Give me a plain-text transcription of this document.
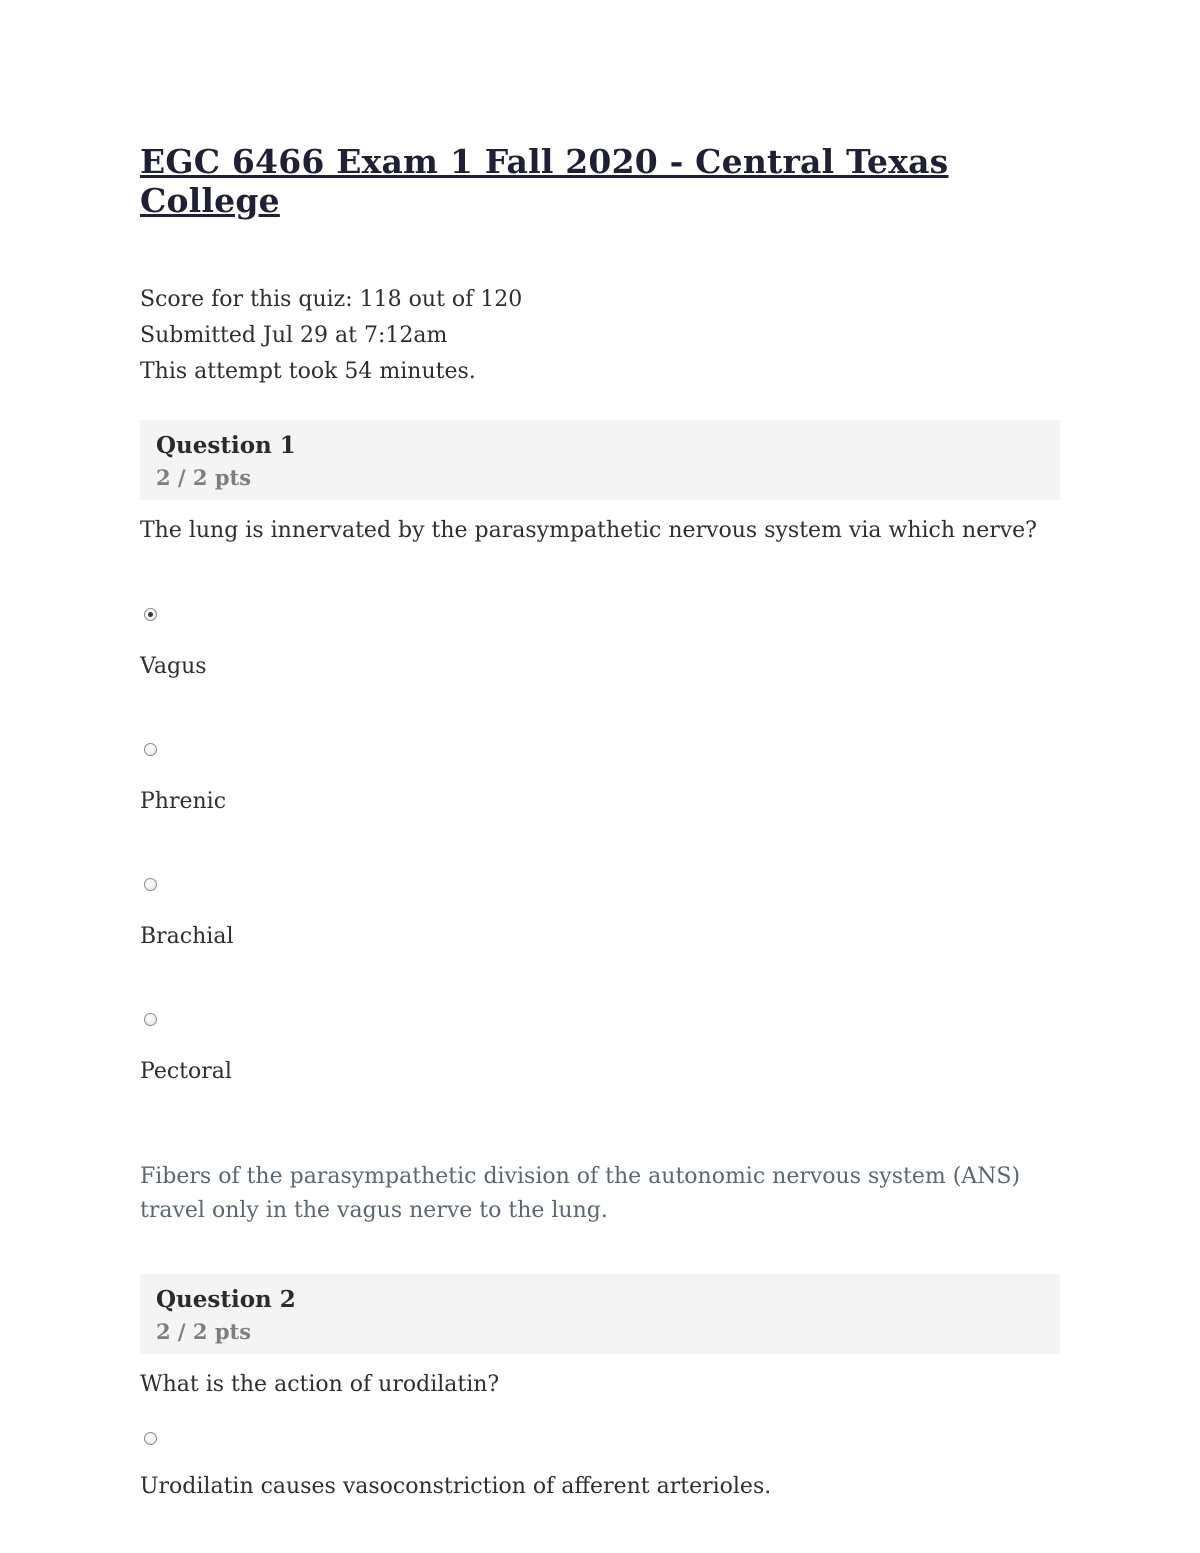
EGC 6466 Exam 1 Fall 2020 - Central Texas College
Score for this quiz: 118 out of 120
Submitted Jul 29 at 7:12am
This attempt took 54 minutes.
Question 1
2 / 2 pts

The lung is innervated by the parasympathetic nervous system via which nerve?

Vagus
Phrenic
Brachial
Pectoral

Fibers of the parasympathetic division of the autonomic nervous system (ANS) travel only in the vagus nerve to the lung.

Question 2
2 / 2 pts

What is the action of urodilatin?

Urodilatin causes vasoconstriction of afferent arterioles.
